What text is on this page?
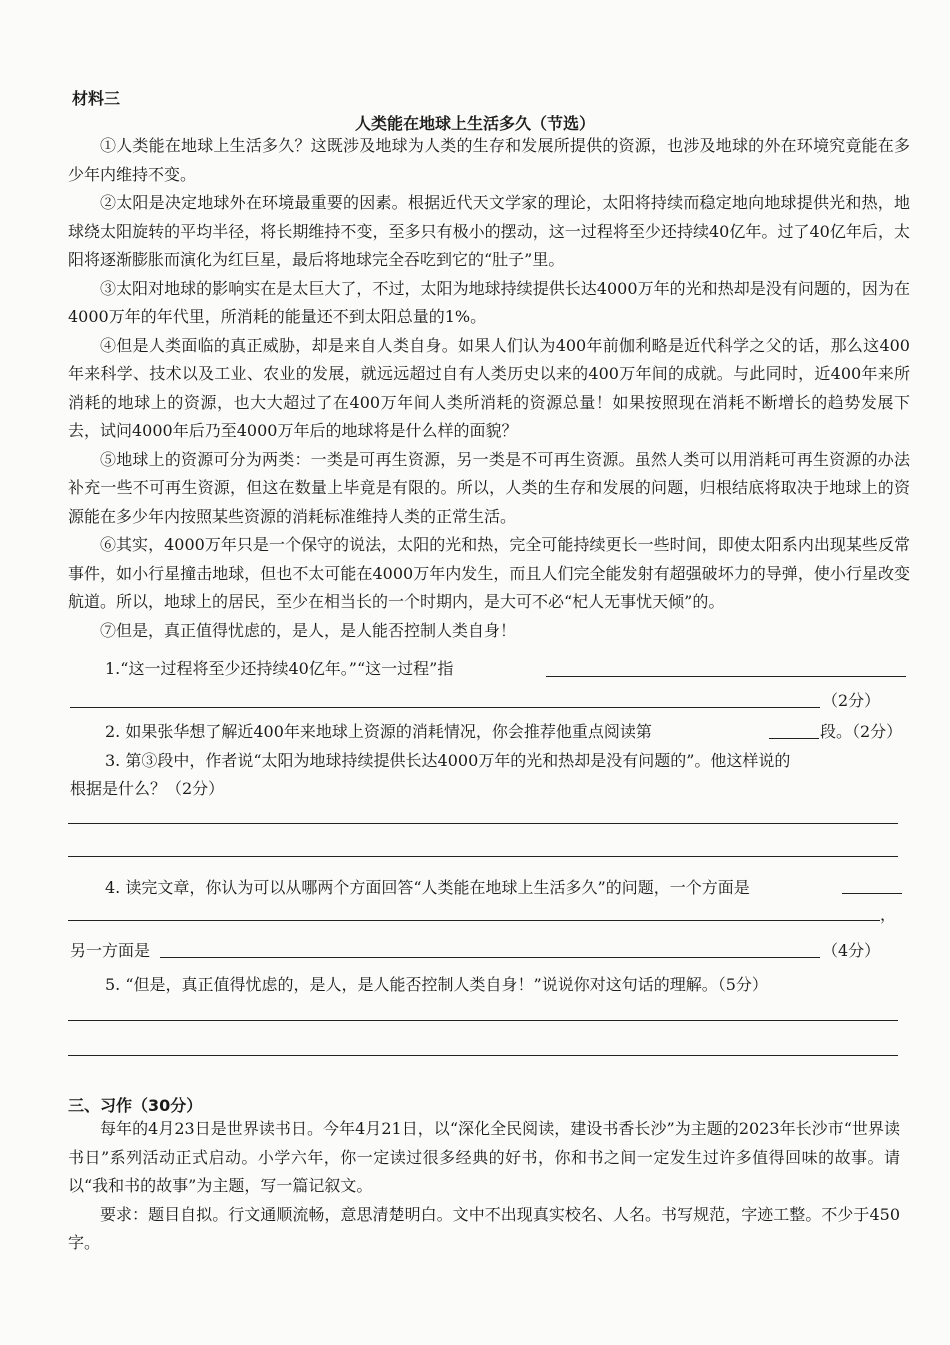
材料三
人类能在地球上生活多久（节选）

①人类能在地球上生活多久？这既涉及地球为人类的生存和发展所提供的资源，也涉及地球的外在环境究竟能在多少年内维持不变。

②太阳是决定地球外在环境最重要的因素。根据近代天文学家的理论，太阳将持续而稳定地向地球提供光和热，地球绕太阳旋转的平均半径，将长期维持不变，至多只有极小的摆动，这一过程将至少还持续40亿年。过了40亿年后，太阳将逐渐膨胀而演化为红巨星，最后将地球完全吞吃到它的“肚子”里。

③太阳对地球的影响实在是太巨大了，不过，太阳为地球持续提供长达4000万年的光和热却是没有问题的，因为在4000万年的年代里，所消耗的能量还不到太阳总量的1%。

④但是人类面临的真正威胁，却是来自人类自身。如果人们认为400年前伽利略是近代科学之父的话，那么这400年来科学、技术以及工业、农业的发展，就远远超过自有人类历史以来的400万年间的成就。与此同时，近400年来所消耗的地球上的资源，也大大超过了在400万年间人类所消耗的资源总量！如果按照现在消耗不断增长的趋势发展下去，试问4000年后乃至4000万年后的地球将是什么样的面貌？

⑤地球上的资源可分为两类：一类是可再生资源，另一类是不可再生资源。虽然人类可以用消耗可再生资源的办法补充一些不可再生资源，但这在数量上毕竟是有限的。所以，人类的生存和发展的问题，归根结底将取决于地球上的资源能在多少年内按照某些资源的消耗标准维持人类的正常生活。

⑥其实，4000万年只是一个保守的说法，太阳的光和热，完全可能持续更长一些时间，即使太阳系内出现某些反常事件，如小行星撞击地球，但也不太可能在4000万年内发生，而且人们完全能发射有超强破坏力的导弹，使小行星改变航道。所以，地球上的居民，至少在相当长的一个时期内，是大可不必“杞人无事忧天倾”的。

⑦但是，真正值得忧虑的，是人，是人能否控制人类自身！

1.“这一过程将至少还持续40亿年。”“这一过程”指
（2分）
2. 如果张华想了解近400年来地球上资源的消耗情况，你会推荐他重点阅读第	段。（2分）
3. 第③段中，作者说“太阳为地球持续提供长达4000万年的光和热却是没有问题的”。他这样说的
根据是什么？（2分）
4. 读完文章，你认为可以从哪两个方面回答“人类能在地球上生活多久”的问题，一个方面是
，
另一方面是	（4分）
5. “但是，真正值得忧虑的，是人，是人能否控制人类自身！”说说你对这句话的理解。（5分）
三、习作（30分）

每年的4月23日是世界读书日。今年4月21日，以“深化全民阅读，建设书香长沙”为主题的2023年长沙市“世界读书日”系列活动正式启动。小学六年，你一定读过很多经典的好书，你和书之间一定发生过许多值得回味的故事。请以“我和书的故事”为主题，写一篇记叙文。

要求：题目自拟。行文通顺流畅，意思清楚明白。文中不出现真实校名、人名。书写规范，字迹工整。不少于450字。
